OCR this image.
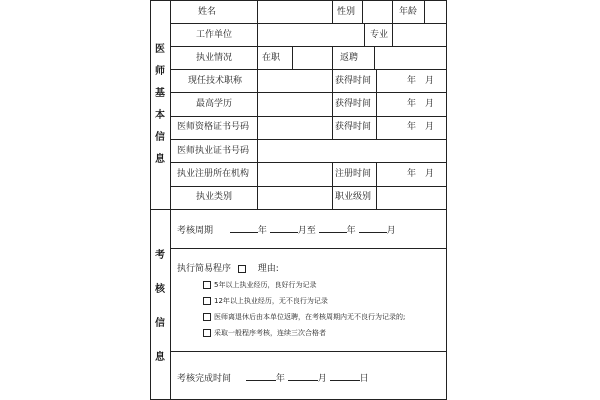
医
师
基
本
信
息
考
核
信
息
姓名	性别	年龄
工作单位	专业
执业情况	在职	返聘
现任技术职称	获得时间	年　月
最高学历	获得时间	年　月
医师资格证书号码	获得时间	年　月
医师执业证书号码
执业注册所在机构	注册时间	年　月
执业类别	职业级别
考核周期	年	月至	年	月
执行简易程序	理由:
5年以上执业经历，良好行为记录
12年以上执业经历，无不良行为记录
医师离退休后由本单位返聘，在考核周期内无不良行为记录的;
采取一般程序考核，连续三次合格者
考核完成时间	年	月	日
